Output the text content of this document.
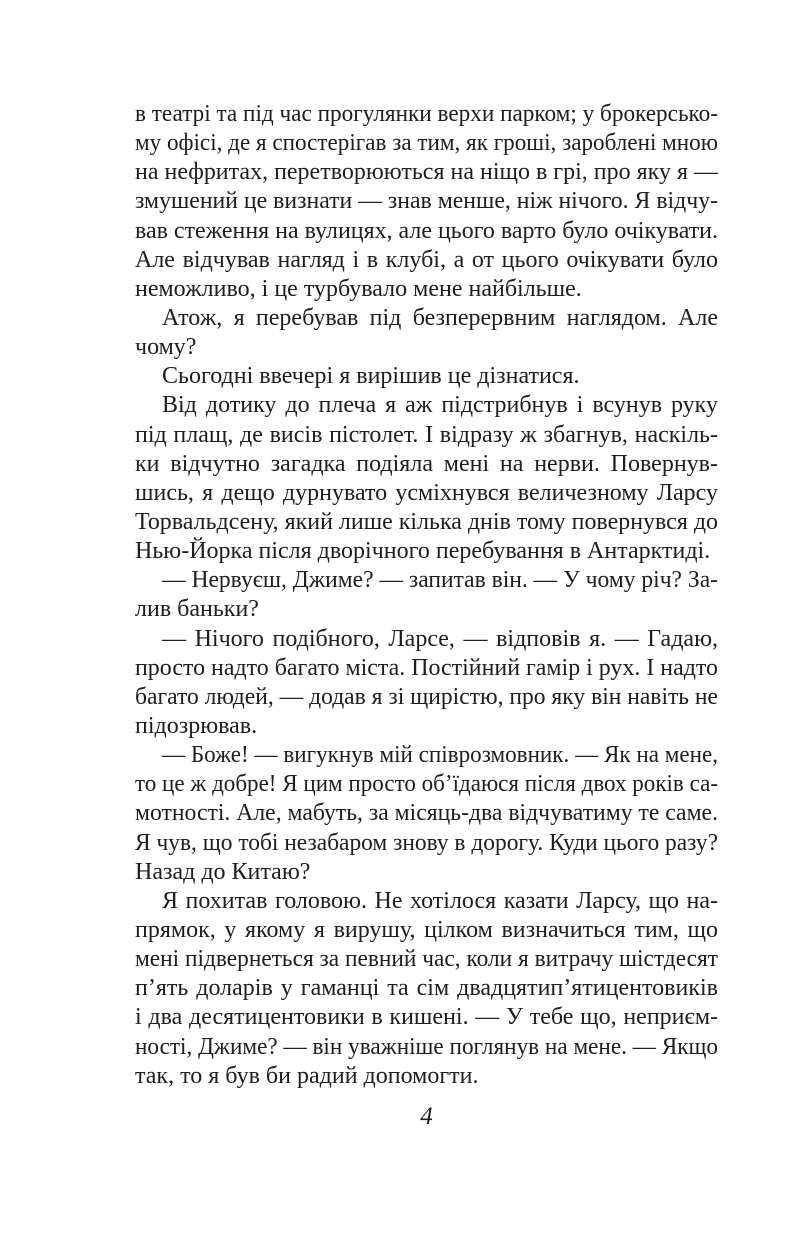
в театрі та під час прогулянки верхи парком; у брокерсько-
му офісі, де я спостерігав за тим, як гроші, зароблені мною
на нефритах, перетворюються на ніщо в грі, про яку я —
змушений це визнати — знав менше, ніж нічого. Я відчу-
вав стеження на вулицях, але цього варто було очікувати.
Але відчував нагляд і в клубі, а от цього очікувати було
неможливо, і це турбувало мене найбільше.
Атож, я перебував під безперервним наглядом. Але
чому?
Сьогодні ввечері я вирішив це дізнатися.
Від дотику до плеча я аж підстрибнув і всунув руку
під плащ, де висів пістолет. І відразу ж збагнув, наскіль-
ки відчутно загадка подіяла мені на нерви. Повернув-
шись, я дещо дурнувато усміхнувся величезному Ларсу
Торвальдсену, який лише кілька днів тому повернувся до
Нью-Йорка після дворічного перебування в Антарктиді.
— Нервуєш, Джиме? — запитав він. — У чому річ? За-
лив баньки?
— Нічого подібного, Ларсе, — відповів я. — Гадаю,
просто надто багато міста. Постійний гамір і рух. І надто
багато людей, — додав я зі щирістю, про яку він навіть не
підозрював.
— Боже! — вигукнув мій співрозмовник. — Як на мене,
то це ж добре! Я цим просто об’їдаюся після двох років са-
мотності. Але, мабуть, за місяць-два відчуватиму те саме.
Я чув, що тобі незабаром знову в дорогу. Куди цього разу?
Назад до Китаю?
Я похитав головою. Не хотілося казати Ларсу, що на-
прямок, у якому я вирушу, цілком визначиться тим, що
мені підвернеться за певний час, коли я витрачу шістдесят
п’ять доларів у гаманці та сім двадцятип’ятицентовиків
і два десятицентовики в кишені. — У тебе що, неприєм-
ності, Джиме? — він уважніше поглянув на мене. — Якщо
так, то я був би радий допомогти.
4
